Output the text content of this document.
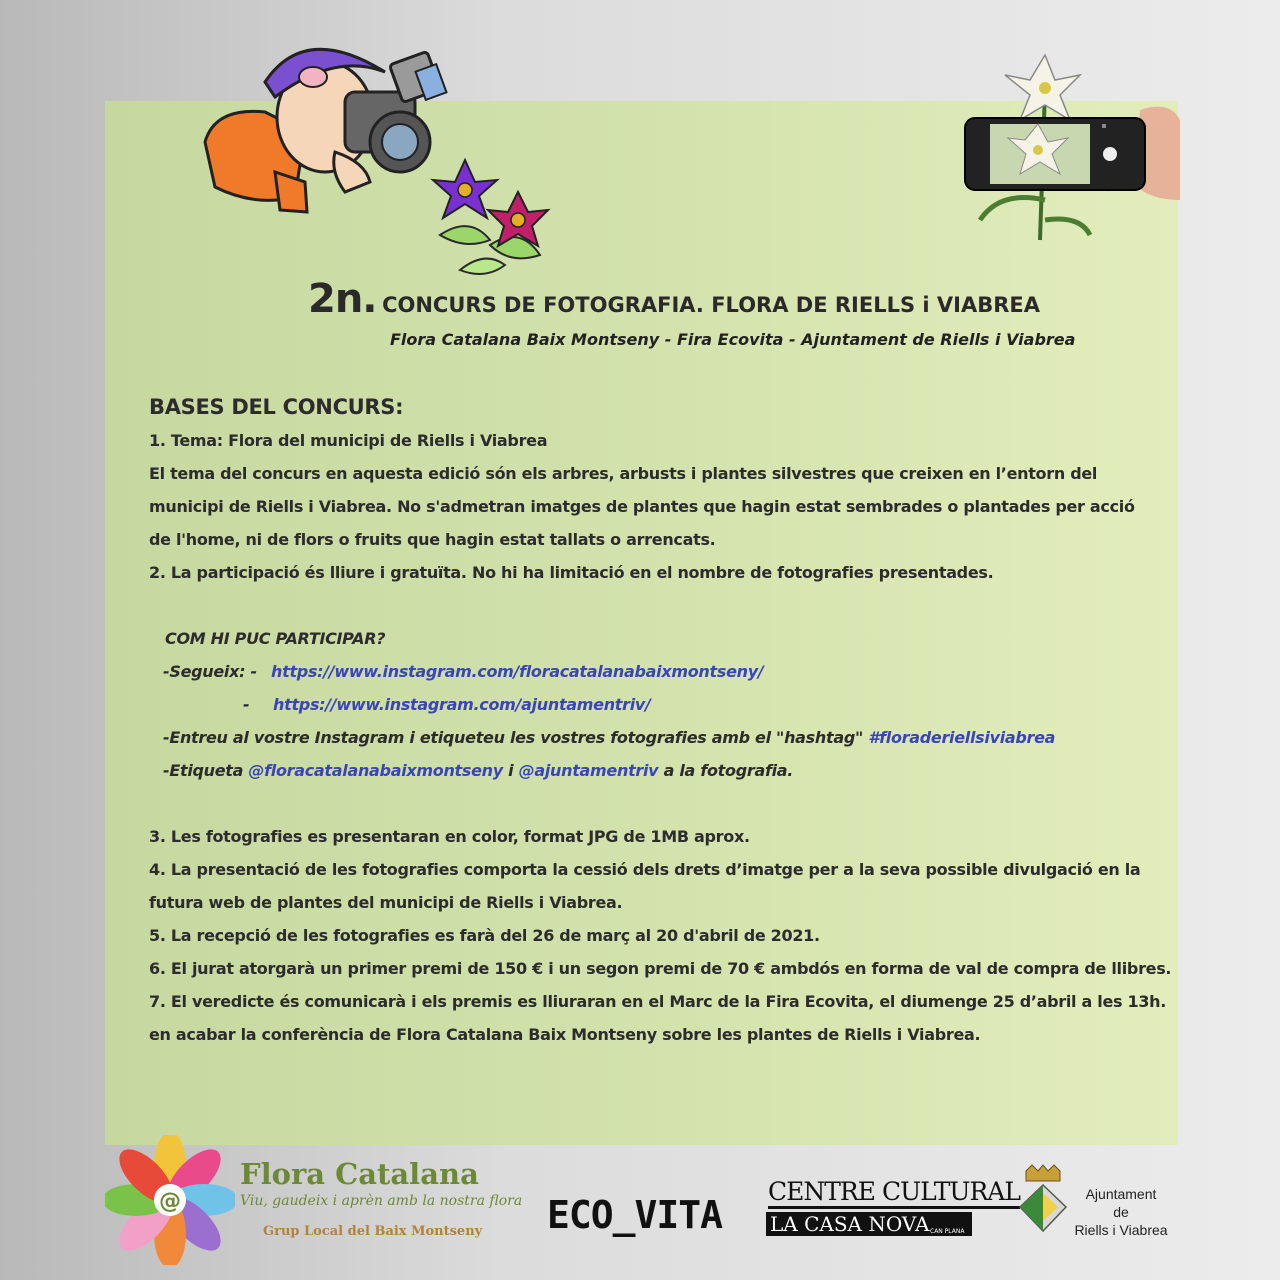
2n. CONCURS DE FOTOGRAFIA. FLORA DE RIELLS i VIABREA
Flora Catalana Baix Montseny - Fira Ecovita - Ajuntament de Riells i Viabrea
BASES DEL CONCURS:
1. Tema: Flora del municipi de Riells i Viabrea
El tema del concurs en aquesta edició són els arbres, arbusts i plantes silvestres que creixen en l’entorn del
municipi de Riells i Viabrea. No s'admetran imatges de plantes que hagin estat sembrades o plantades per acció
de l'home, ni de flors o fruits que hagin estat tallats o arrencats.
2. La participació és lliure i gratuïta. No hi ha limitació en el nombre de fotografies presentades.
COM HI PUC PARTICIPAR?
-Segueix: - https://www.instagram.com/floracatalanabaixmontseny/
- https://www.instagram.com/ajuntamentriv/
-Entreu al vostre Instagram i etiqueteu les vostres fotografies amb el "hashtag" #floraderiellsiviabrea
-Etiqueta @floracatalanabaixmontseny i @ajuntamentriv a la fotografia.
3. Les fotografies es presentaran en color, format JPG de 1MB aprox.
4. La presentació de les fotografies comporta la cessió dels drets d’imatge per a la seva possible divulgació en la
futura web de plantes del municipi de Riells i Viabrea.
5. La recepció de les fotografies es farà del 26 de març al 20 d'abril de 2021.
6. El jurat atorgarà un primer premi de 150 € i un segon premi de 70 € ambdós en forma de val de compra de llibres.
7. El veredicte és comunicarà i els premis es lliuraran en el Marc de la Fira Ecovita, el diumenge 25 d’abril a les 13h.
en acabar la conferència de Flora Catalana Baix Montseny sobre les plantes de Riells i Viabrea.
@
Flora Catalana
Viu, gaudeix i aprèn amb la nostra flora
Grup Local del Baix Montseny ECO_VITA
CENTRE CULTURAL
LA CASA NOVA CAN PLANA
Ajuntament
de
Riells i Viabrea
